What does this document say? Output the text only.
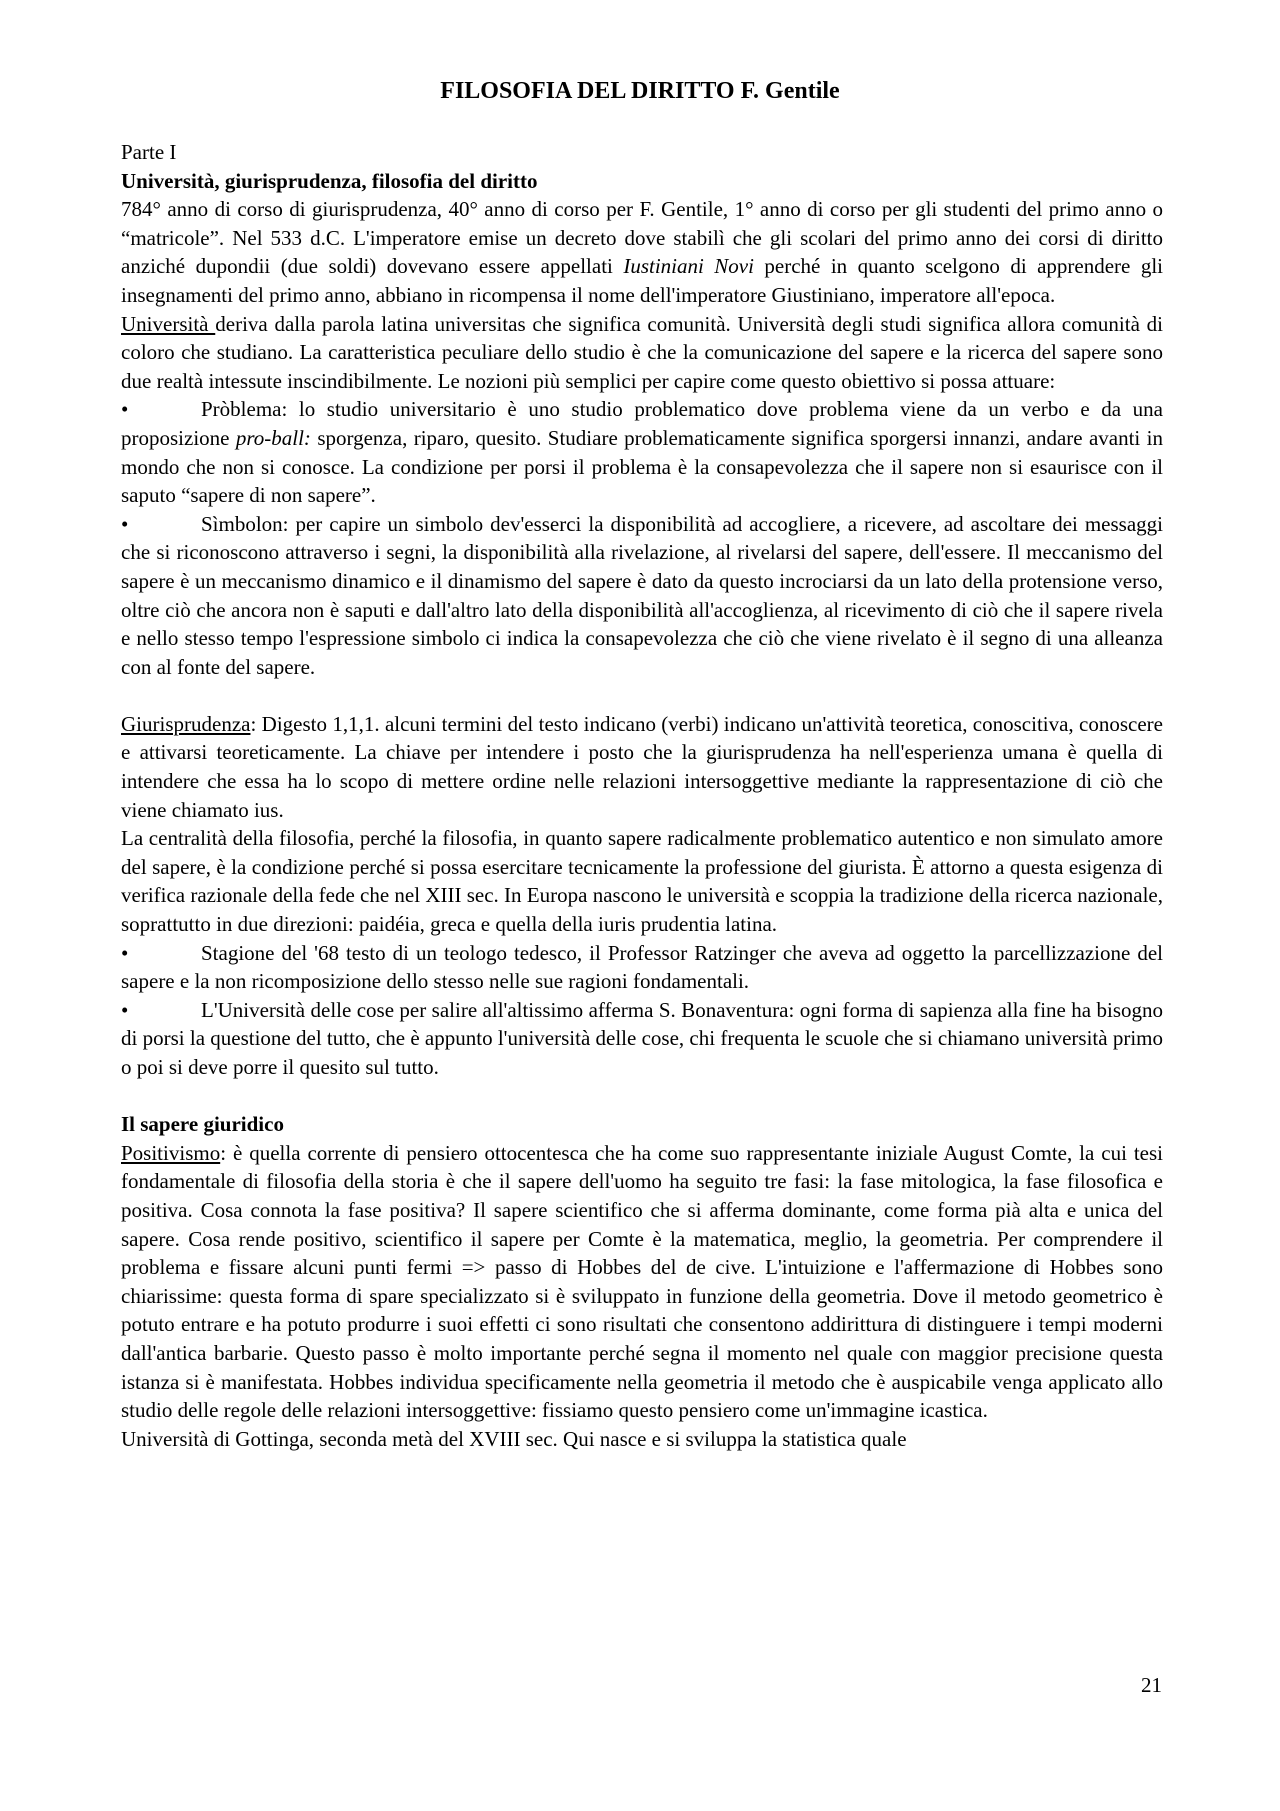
FILOSOFIA DEL DIRITTO F. Gentile

Parte I

Università, giurisprudenza, filosofia del diritto

784° anno di corso di giurisprudenza, 40° anno di corso per F. Gentile, 1° anno di corso per gli studenti del primo anno o “matricole”. Nel 533 d.C. L'imperatore emise un decreto dove stabilì che gli scolari del primo anno dei corsi di diritto anziché dupondii (due soldi) dovevano essere appellati Iustiniani Novi perché in quanto scelgono di apprendere gli insegnamenti del primo anno, abbiano in ricompensa il nome dell'imperatore Giustiniano, imperatore all'epoca.

Università deriva dalla parola latina universitas che significa comunità. Università degli studi significa allora comunità di coloro che studiano. La caratteristica peculiare dello studio è che la comunicazione del sapere e la ricerca del sapere sono due realtà intessute inscindibilmente. Le nozioni più semplici per capire come questo obiettivo si possa attuare:

•	Pròblema: lo studio universitario è uno studio problematico dove problema viene da un verbo e da una proposizione pro-ball: sporgenza, riparo, quesito. Studiare problematicamente significa sporgersi innanzi, andare avanti in mondo che non si conosce. La condizione per porsi il problema è la consapevolezza che il sapere non si esaurisce con il saputo “sapere di non sapere”.

•	Sìmbolon: per capire un simbolo dev'esserci la disponibilità ad accogliere, a ricevere, ad ascoltare dei messaggi che si riconoscono attraverso i segni, la disponibilità alla rivelazione, al rivelarsi del sapere, dell'essere. Il meccanismo del sapere è un meccanismo dinamico e il dinamismo del sapere è dato da questo incrociarsi da un lato della protensione verso, oltre ciò che ancora non è saputi e dall'altro lato della disponibilità all'accoglienza, al ricevimento di ciò che il sapere rivela e nello stesso tempo l'espressione simbolo ci indica la consapevolezza che ciò che viene rivelato è il segno di una alleanza con al fonte del sapere.

Giurisprudenza: Digesto 1,1,1. alcuni termini del testo indicano (verbi) indicano un'attività teoretica, conoscitiva, conoscere e attivarsi teoreticamente. La chiave per intendere i posto che la giurisprudenza ha nell'esperienza umana è quella di intendere che essa ha lo scopo di mettere ordine nelle relazioni intersoggettive mediante la rappresentazione di ciò che viene chiamato ius.

La centralità della filosofia, perché la filosofia, in quanto sapere radicalmente problematico autentico e non simulato amore del sapere, è la condizione perché si possa esercitare tecnicamente la professione del giurista. È attorno a questa esigenza di verifica razionale della fede che nel XIII sec. In Europa nascono le università e scoppia la tradizione della ricerca nazionale, soprattutto in due direzioni: paidéia, greca e quella della iuris prudentia latina.

•	Stagione del '68 testo di un teologo tedesco, il Professor Ratzinger che aveva ad oggetto la parcellizzazione del sapere e la non ricomposizione dello stesso nelle sue ragioni fondamentali.

•	L'Università delle cose per salire all'altissimo afferma S. Bonaventura: ogni forma di sapienza alla fine ha bisogno di porsi la questione del tutto, che è appunto l'università delle cose, chi frequenta le scuole che si chiamano università primo o poi si deve porre il quesito sul tutto.

Il sapere giuridico

Positivismo: è quella corrente di pensiero ottocentesca che ha come suo rappresentante iniziale August Comte, la cui tesi fondamentale di filosofia della storia è che il sapere dell'uomo ha seguito tre fasi: la fase mitologica, la fase filosofica e positiva. Cosa connota la fase positiva? Il sapere scientifico che si afferma dominante, come forma pià alta e unica del sapere. Cosa rende positivo, scientifico il sapere per Comte è la matematica, meglio, la geometria. Per comprendere il problema e fissare alcuni punti fermi => passo di Hobbes del de cive. L'intuizione e l'affermazione di Hobbes sono chiarissime: questa forma di spare specializzato si è sviluppato in funzione della geometria. Dove il metodo geometrico è potuto entrare e ha potuto produrre i suoi effetti ci sono risultati che consentono addirittura di distinguere i tempi moderni dall'antica barbarie. Questo passo è molto importante perché segna il momento nel quale con maggior precisione questa istanza si è manifestata. Hobbes individua specificamente nella geometria il metodo che è auspicabile venga applicato allo studio delle regole delle relazioni intersoggettive: fissiamo questo pensiero come un'immagine icastica.

Università di Gottinga, seconda metà del XVIII sec. Qui nasce e si sviluppa la statistica quale

21
